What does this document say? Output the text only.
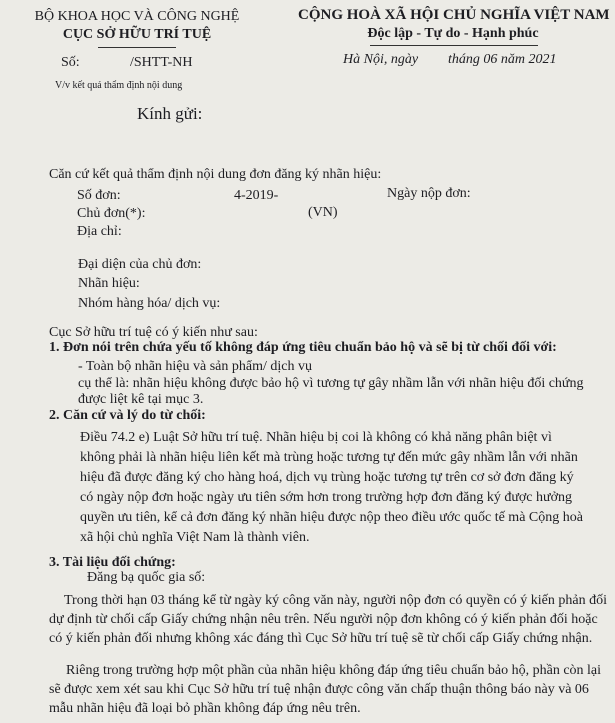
BỘ KHOA HỌC VÀ CÔNG NGHỆ
CỤC SỞ HỮU TRÍ TUỆ
Số:	/SHTT-NH
V/v kết quả thẩm định nội dung
CỘNG HOÀ XÃ HỘI CHỦ NGHĨA VIỆT NAM
Độc lập - Tự do - Hạnh phúc
Hà Nội, ngày tháng 06 năm 2021
Kính gửi:
Căn cứ kết quả thẩm định nội dung đơn đăng ký nhãn hiệu:
Số đơn:	4-2019-	Ngày nộp đơn:
Chủ đơn(*):	(VN)
Địa chỉ:
Đại diện của chủ đơn:
Nhãn hiệu:
Nhóm hàng hóa/ dịch vụ:
Cục Sở hữu trí tuệ có ý kiến như sau:
1. Đơn nói trên chứa yếu tố không đáp ứng tiêu chuẩn bảo hộ và sẽ bị từ chối đối với:
- Toàn bộ nhãn hiệu và sản phẩm/ dịch vụ
cụ thể là: nhãn hiệu không được bảo hộ vì tương tự gây nhầm lẫn với nhãn hiệu đối chứng
được liệt kê tại mục 3.
2. Căn cứ và lý do từ chối:
Điều 74.2 e) Luật Sở hữu trí tuệ. Nhãn hiệu bị coi là không có khả năng phân biệt vì
không phải là nhãn hiệu liên kết mà trùng hoặc tương tự đến mức gây nhầm lẫn với nhãn
hiệu đã được đăng ký cho hàng hoá, dịch vụ trùng hoặc tương tự trên cơ sở đơn đăng ký
có ngày nộp đơn hoặc ngày ưu tiên sớm hơn trong trường hợp đơn đăng ký được hưởng
quyền ưu tiên, kể cả đơn đăng ký nhãn hiệu được nộp theo điều ước quốc tế mà Cộng hoà
xã hội chủ nghĩa Việt Nam là thành viên.
3. Tài liệu đối chứng:
Đăng bạ quốc gia số:
Trong thời hạn 03 tháng kể từ ngày ký công văn này, người nộp đơn có quyền có ý kiến phản đối
dự định từ chối cấp Giấy chứng nhận nêu trên. Nếu người nộp đơn không có ý kiến phản đối hoặc
có ý kiến phản đối nhưng không xác đáng thì Cục Sở hữu trí tuệ sẽ từ chối cấp Giấy chứng nhận.
Riêng trong trường hợp một phần của nhãn hiệu không đáp ứng tiêu chuẩn bảo hộ, phần còn lại
sẽ được xem xét sau khi Cục Sở hữu trí tuệ nhận được công văn chấp thuận thông báo này và 06
mẫu nhãn hiệu đã loại bỏ phần không đáp ứng nêu trên.
